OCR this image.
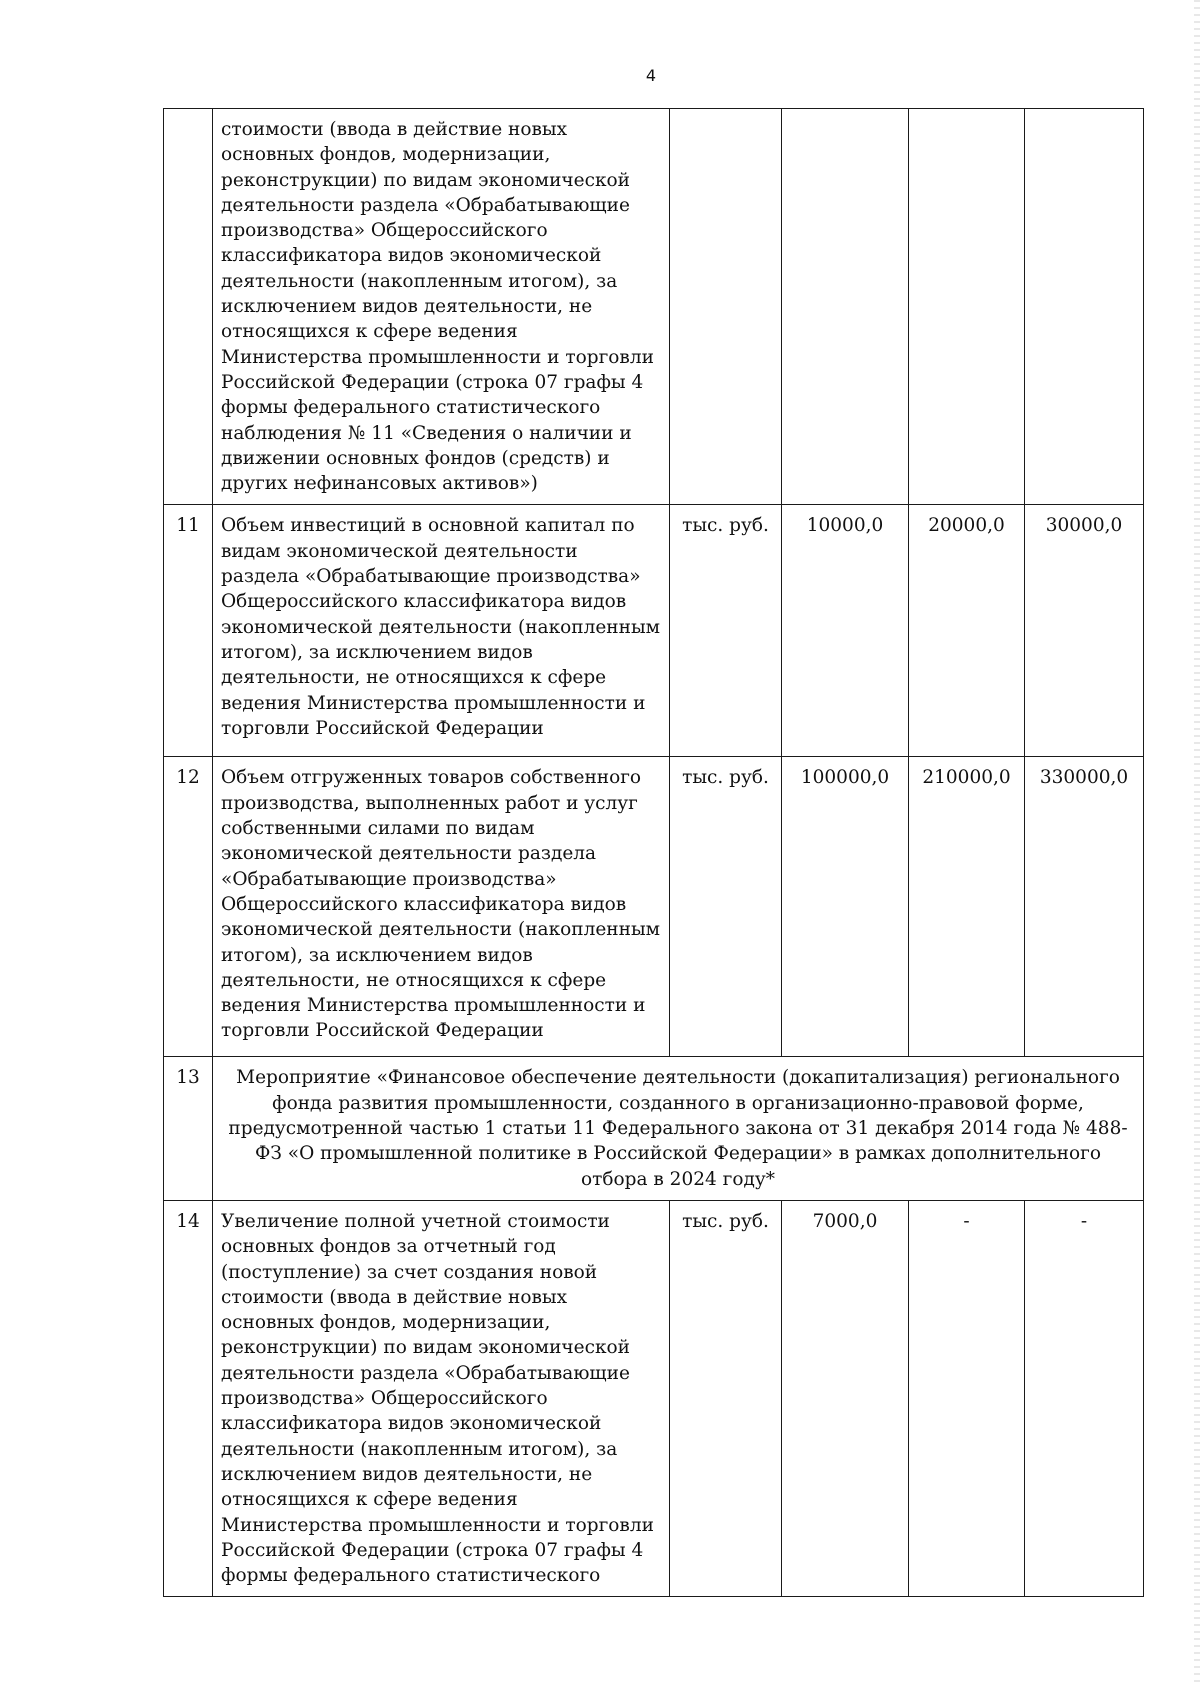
4
	стоимости (ввода в действие новых основных фондов, модернизации, реконструкции) по видам экономической деятельности раздела «Обрабатывающие производства» Общероссийского классификатора видов экономической деятельности (накопленным итогом), за исключением видов деятельности, не относящихся к сфере ведения Министерства промышленности и торговли Российской Федерации (строка 07 графы 4 формы федерального статистического наблюдения № 11 «Сведения о наличии и движении основных фондов (средств) и других нефинансовых активов»)				
11	Объем инвестиций в основной капитал по видам экономической деятельности раздела «Обрабатывающие производства» Общероссийского классификатора видов экономической деятельности (накопленным итогом), за исключением видов деятельности, не относящихся к сфере ведения Министерства промышленности и торговли Российской Федерации	тыс. руб.	10000,0	20000,0	30000,0
12	Объем отгруженных товаров собственного производства, выполненных работ и услуг собственными силами по видам экономической деятельности раздела «Обрабатывающие производства» Общероссийского классификатора видов экономической деятельности (накопленным итогом), за исключением видов деятельности, не относящихся к сфере ведения Министерства промышленности и торговли Российской Федерации	тыс. руб.	100000,0	210000,0	330000,0
13	Мероприятие «Финансовое обеспечение деятельности (докапитализация) регионального фонда развития промышленности, созданного в организационно-правовой форме, предусмотренной частью 1 статьи 11 Федерального закона от 31 декабря 2014 года № 488-ФЗ «О промышленной политике в Российской Федерации» в рамках дополнительного отбора в 2024 году*				
14	Увеличение полной учетной стоимости основных фондов за отчетный год (поступление) за счет создания новой стоимости (ввода в действие новых основных фондов, модернизации, реконструкции) по видам экономической деятельности раздела «Обрабатывающие производства» Общероссийского классификатора видов экономической деятельности (накопленным итогом), за исключением видов деятельности, не относящихся к сфере ведения Министерства промышленности и торговли Российской Федерации (строка 07 графы 4 формы федерального статистического	тыс. руб.	7000,0	-	-
